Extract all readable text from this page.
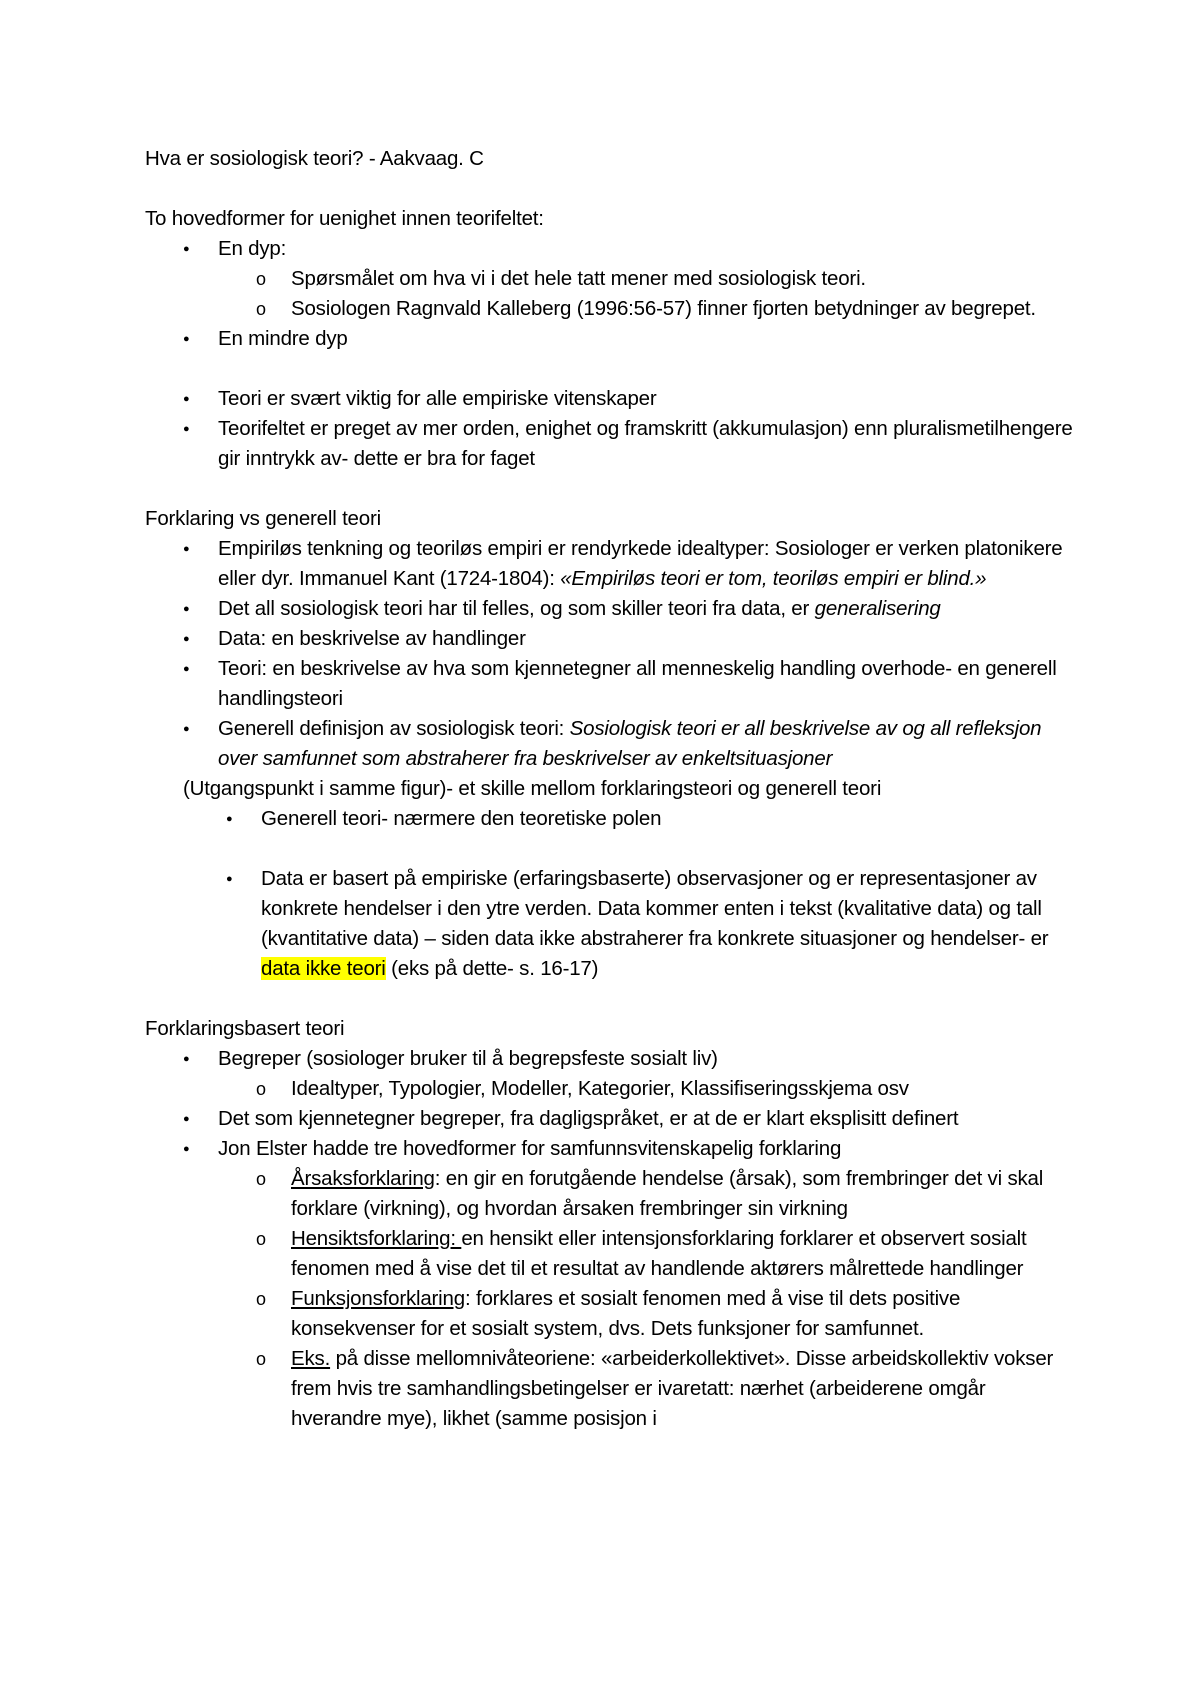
Hva er sosiologisk teori? - Aakvaag. C

To hovedformer for uenighet innen teorifeltet:

● En dyp:
o Spørsmålet om hva vi i det hele tatt mener med sosiologisk teori.
o Sosiologen Ragnvald Kalleberg (1996:56-57) finner fjorten betydninger av begrepet.
● En mindre dyp
● Teori er svært viktig for alle empiriske vitenskaper
● Teorifeltet er preget av mer orden, enighet og framskritt (akkumulasjon) enn pluralismetilhengere gir inntrykk av- dette er bra for faget

Forklaring vs generell teori

● Empiriløs tenkning og teoriløs empiri er rendyrkede idealtyper: Sosiologer er verken platonikere eller dyr. Immanuel Kant (1724-1804): «Empiriløs teori er tom, teoriløs empiri er blind.»
● Det all sosiologisk teori har til felles, og som skiller teori fra data, er generalisering
● Data: en beskrivelse av handlinger
● Teori: en beskrivelse av hva som kjennetegner all menneskelig handling overhode- en generell handlingsteori
● Generell definisjon av sosiologisk teori: Sosiologisk teori er all beskrivelse av og all refleksjon over samfunnet som abstraherer fra beskrivelser av enkeltsituasjoner

(Utgangspunkt i samme figur)- et skille mellom forklaringsteori og generell teori

● Generell teori- nærmere den teoretiske polen
● Data er basert på empiriske (erfaringsbaserte) observasjoner og er representasjoner av konkrete hendelser i den ytre verden. Data kommer enten i tekst (kvalitative data) og tall (kvantitative data) – siden data ikke abstraherer fra konkrete situasjoner og hendelser- er data ikke teori (eks på dette- s. 16-17)

Forklaringsbasert teori

● Begreper (sosiologer bruker til å begrepsfeste sosialt liv)
o Idealtyper, Typologier, Modeller, Kategorier, Klassifiseringsskjema osv
● Det som kjennetegner begreper, fra dagligspråket, er at de er klart eksplisitt definert
● Jon Elster hadde tre hovedformer for samfunnsvitenskapelig forklaring
o Årsaksforklaring: en gir en forutgående hendelse (årsak), som frembringer det vi skal forklare (virkning), og hvordan årsaken frembringer sin virkning
o Hensiktsforklaring: en hensikt eller intensjonsforklaring forklarer et observert sosialt fenomen med å vise det til et resultat av handlende aktørers målrettede handlinger
o Funksjonsforklaring: forklares et sosialt fenomen med å vise til dets positive konsekvenser for et sosialt system, dvs. Dets funksjoner for samfunnet.
o Eks. på disse mellomnivåteoriene: «arbeiderkollektivet». Disse arbeidskollektiv vokser frem hvis tre samhandlingsbetingelser er ivaretatt: nærhet (arbeiderene omgår hverandre mye), likhet (samme posisjon i
